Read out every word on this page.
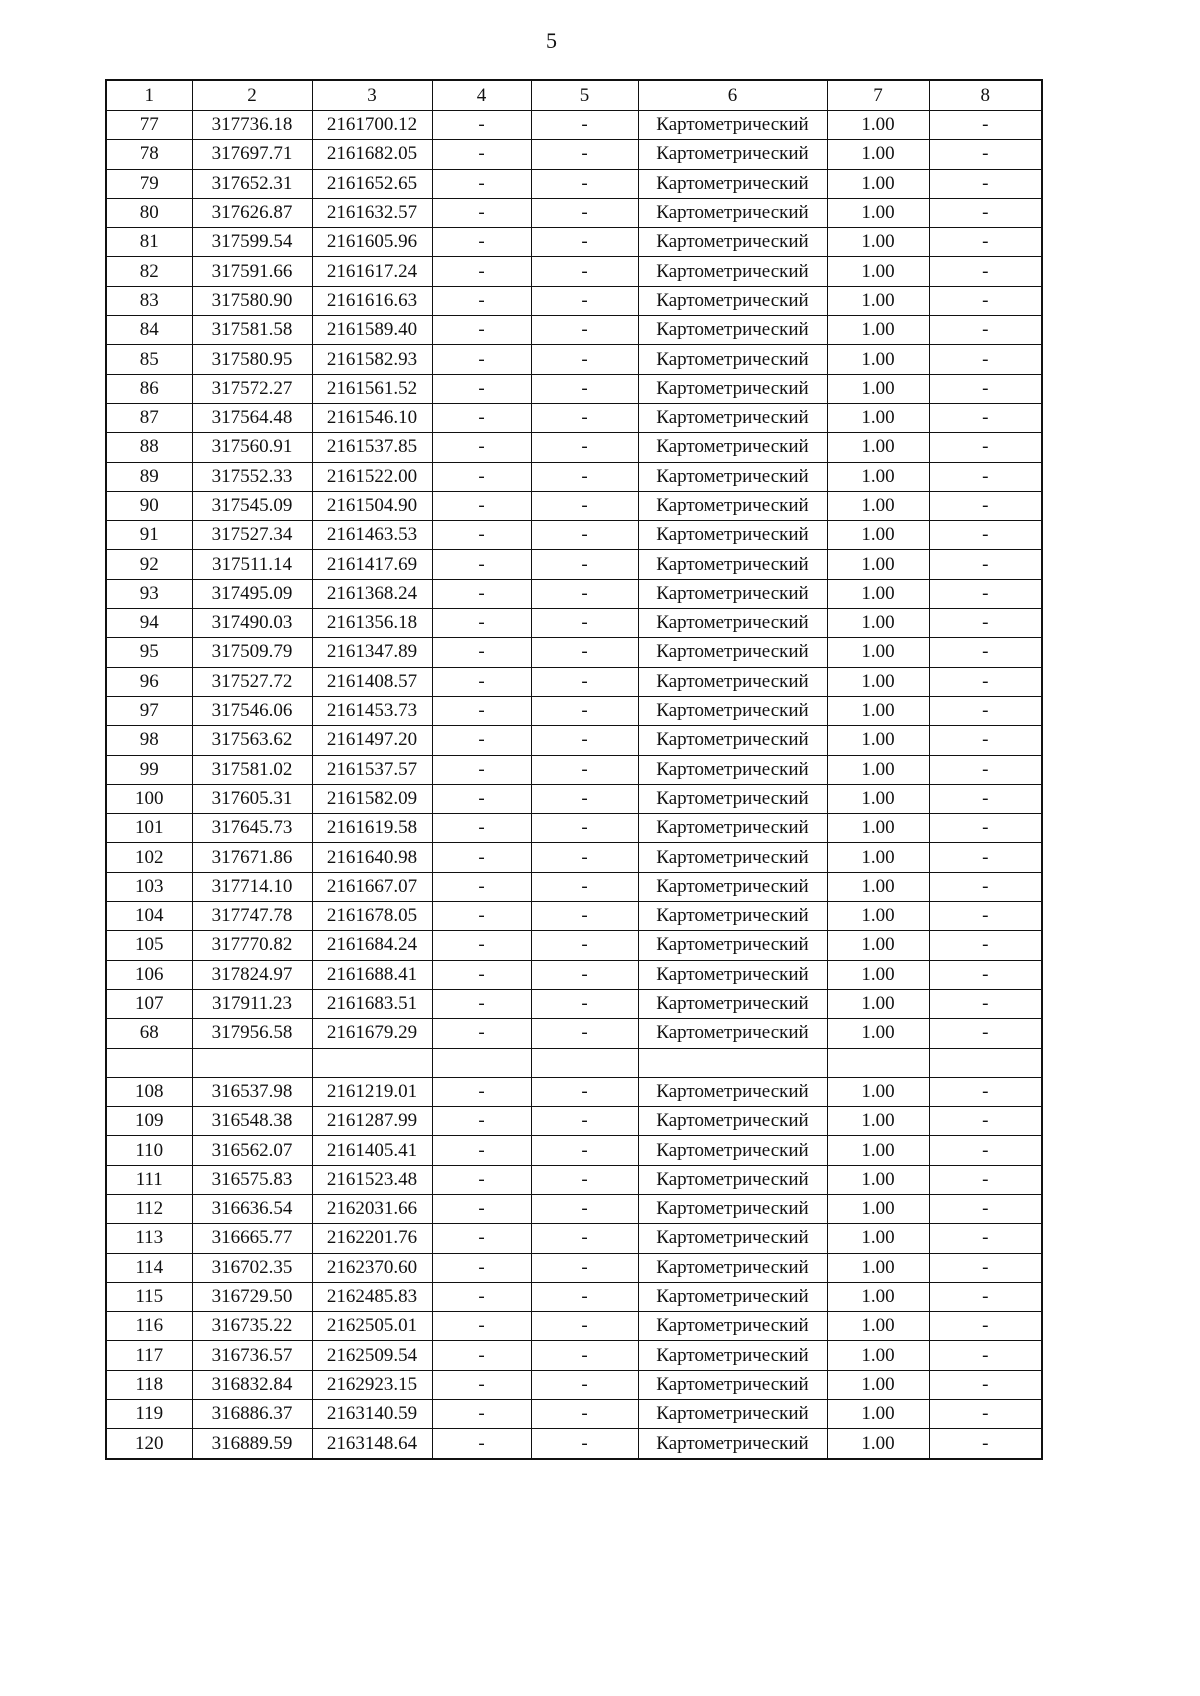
5
1	2	3	4	5	6	7	8
77	317736.18	2161700.12	-	-	Картометрический	1.00	-
78	317697.71	2161682.05	-	-	Картометрический	1.00	-
79	317652.31	2161652.65	-	-	Картометрический	1.00	-
80	317626.87	2161632.57	-	-	Картометрический	1.00	-
81	317599.54	2161605.96	-	-	Картометрический	1.00	-
82	317591.66	2161617.24	-	-	Картометрический	1.00	-
83	317580.90	2161616.63	-	-	Картометрический	1.00	-
84	317581.58	2161589.40	-	-	Картометрический	1.00	-
85	317580.95	2161582.93	-	-	Картометрический	1.00	-
86	317572.27	2161561.52	-	-	Картометрический	1.00	-
87	317564.48	2161546.10	-	-	Картометрический	1.00	-
88	317560.91	2161537.85	-	-	Картометрический	1.00	-
89	317552.33	2161522.00	-	-	Картометрический	1.00	-
90	317545.09	2161504.90	-	-	Картометрический	1.00	-
91	317527.34	2161463.53	-	-	Картометрический	1.00	-
92	317511.14	2161417.69	-	-	Картометрический	1.00	-
93	317495.09	2161368.24	-	-	Картометрический	1.00	-
94	317490.03	2161356.18	-	-	Картометрический	1.00	-
95	317509.79	2161347.89	-	-	Картометрический	1.00	-
96	317527.72	2161408.57	-	-	Картометрический	1.00	-
97	317546.06	2161453.73	-	-	Картометрический	1.00	-
98	317563.62	2161497.20	-	-	Картометрический	1.00	-
99	317581.02	2161537.57	-	-	Картометрический	1.00	-
100	317605.31	2161582.09	-	-	Картометрический	1.00	-
101	317645.73	2161619.58	-	-	Картометрический	1.00	-
102	317671.86	2161640.98	-	-	Картометрический	1.00	-
103	317714.10	2161667.07	-	-	Картометрический	1.00	-
104	317747.78	2161678.05	-	-	Картометрический	1.00	-
105	317770.82	2161684.24	-	-	Картометрический	1.00	-
106	317824.97	2161688.41	-	-	Картометрический	1.00	-
107	317911.23	2161683.51	-	-	Картометрический	1.00	-
68	317956.58	2161679.29	-	-	Картометрический	1.00	-

108	316537.98	2161219.01	-	-	Картометрический	1.00	-
109	316548.38	2161287.99	-	-	Картометрический	1.00	-
110	316562.07	2161405.41	-	-	Картометрический	1.00	-
111	316575.83	2161523.48	-	-	Картометрический	1.00	-
112	316636.54	2162031.66	-	-	Картометрический	1.00	-
113	316665.77	2162201.76	-	-	Картометрический	1.00	-
114	316702.35	2162370.60	-	-	Картометрический	1.00	-
115	316729.50	2162485.83	-	-	Картометрический	1.00	-
116	316735.22	2162505.01	-	-	Картометрический	1.00	-
117	316736.57	2162509.54	-	-	Картометрический	1.00	-
118	316832.84	2162923.15	-	-	Картометрический	1.00	-
119	316886.37	2163140.59	-	-	Картометрический	1.00	-
120	316889.59	2163148.64	-	-	Картометрический	1.00	-
